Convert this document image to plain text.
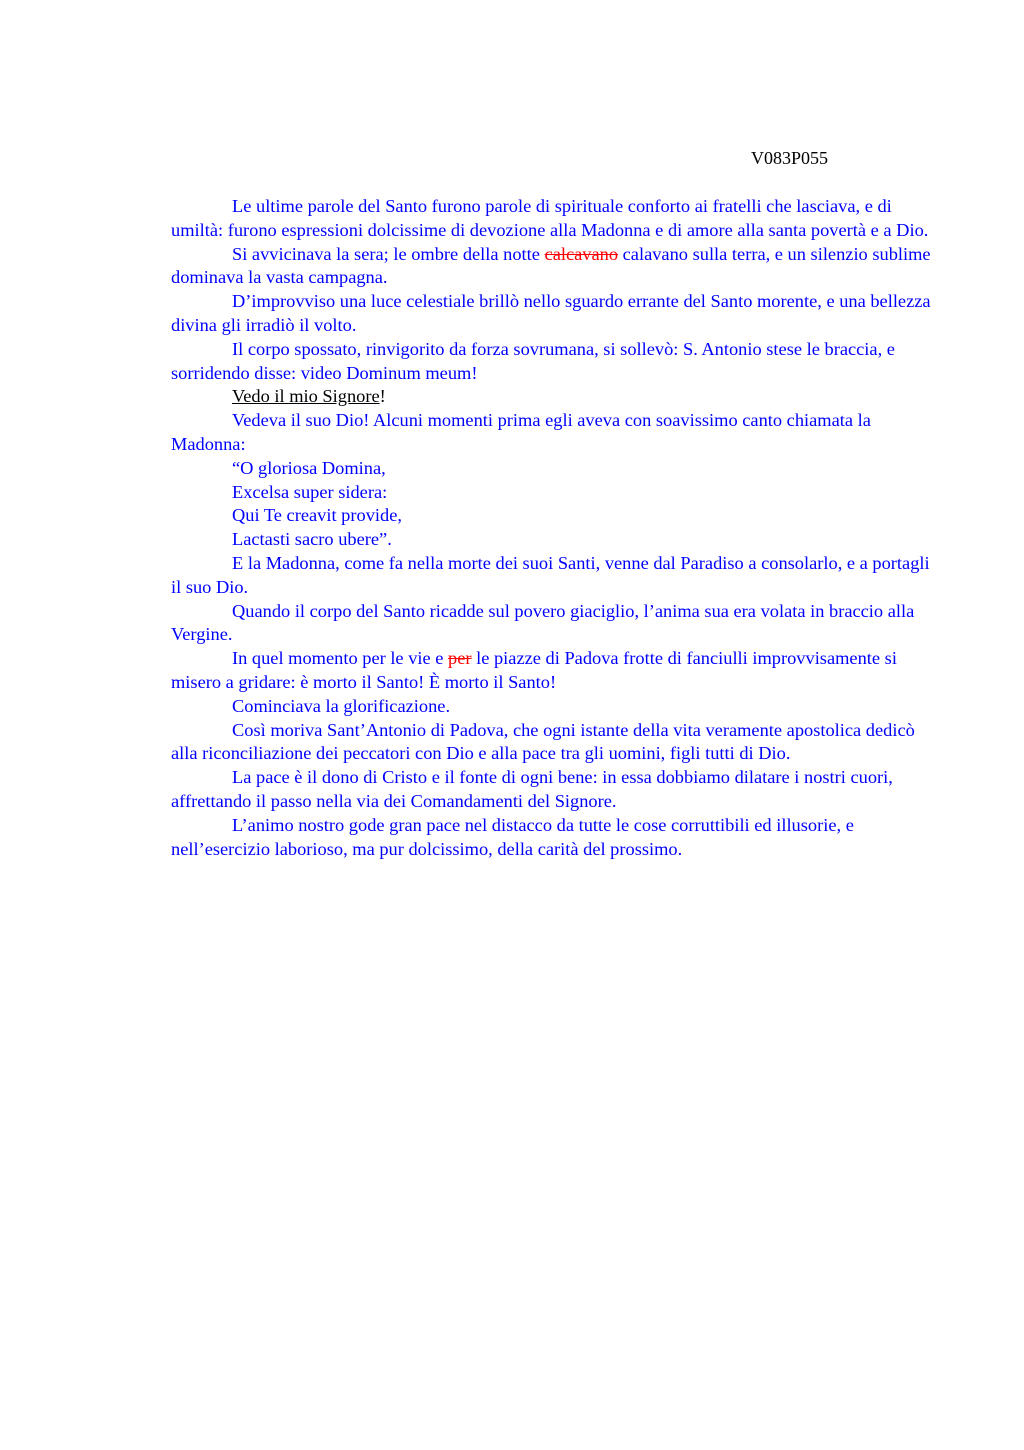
V083P055

Le ultime parole del Santo furono parole di spirituale conforto ai fratelli che lasciava, e di umiltà: furono espressioni dolcissime di devozione alla Madonna e di amore alla santa povertà e a Dio.

Si avvicinava la sera; le ombre della notte calcavano calavano sulla terra, e un silenzio sublime dominava la vasta campagna.

D’improvviso una luce celestiale brillò nello sguardo errante del Santo morente, e una bellezza divina gli irradiò il volto.

Il corpo spossato, rinvigorito da forza sovrumana, si sollevò: S. Antonio stese le braccia, e sorridendo disse: video Dominum meum!

Vedo il mio Signore!

Vedeva il suo Dio! Alcuni momenti prima egli aveva con soavissimo canto chiamata la Madonna:

“O gloriosa Domina,

Excelsa super sidera:

Qui Te creavit provide,

Lactasti sacro ubere”.

E la Madonna, come fa nella morte dei suoi Santi, venne dal Paradiso a consolarlo, e a portagli il suo Dio.

Quando il corpo del Santo ricadde sul povero giaciglio, l’anima sua era volata in braccio alla Vergine.

In quel momento per le vie e per le piazze di Padova frotte di fanciulli improvvisamente si misero a gridare: è morto il Santo! È morto il Santo!

Cominciava la glorificazione.

Così moriva Sant’Antonio di Padova, che ogni istante della vita veramente apostolica dedicò alla riconciliazione dei peccatori con Dio e alla pace tra gli uomini, figli tutti di Dio.

La pace è il dono di Cristo e il fonte di ogni bene: in essa dobbiamo dilatare i nostri cuori, affrettando il passo nella via dei Comandamenti del Signore.

L’animo nostro gode gran pace nel distacco da tutte le cose corruttibili ed illusorie, e nell’esercizio laborioso, ma pur dolcissimo, della carità del prossimo.
